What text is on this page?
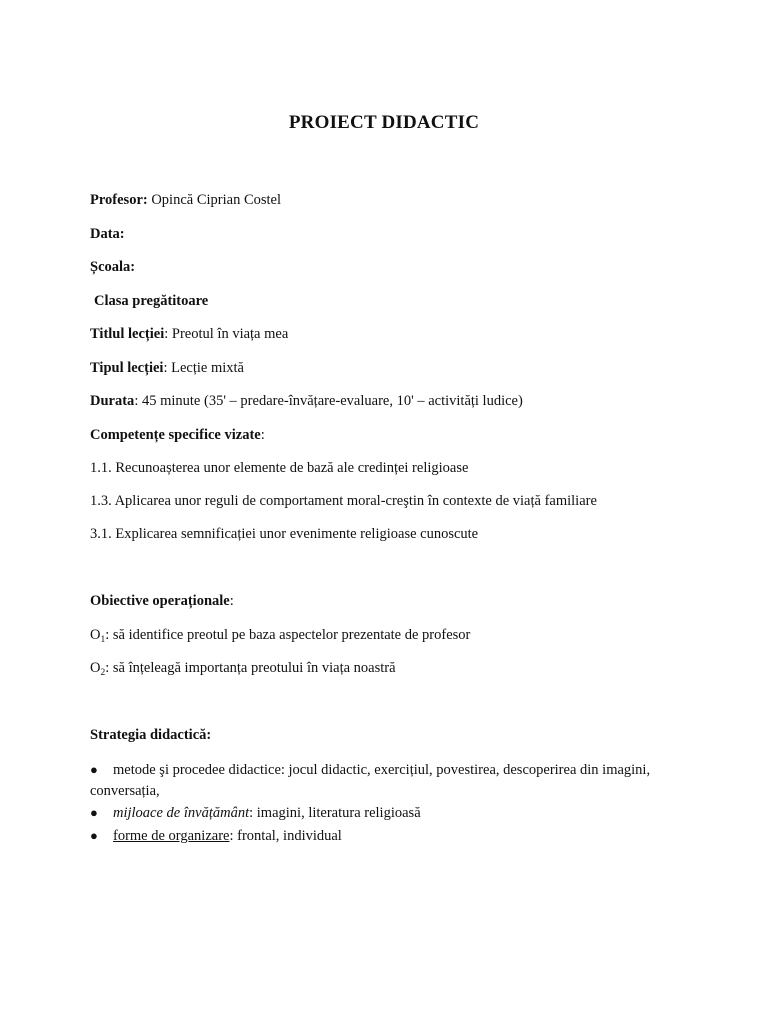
PROIECT DIDACTIC
Profesor: Opincă Ciprian Costel
Data:
Școala:
Clasa pregătitoare
Titlul lecției: Preotul în viața mea
Tipul lecției: Lecție mixtă
Durata: 45 minute (35' – predare-învățare-evaluare, 10' – activități ludice)
Competențe specifice vizate:
1.1. Recunoașterea unor elemente de bază ale credinței religioase
1.3. Aplicarea unor reguli de comportament moral-creştin în contexte de viață familiare
3.1. Explicarea semnificației unor evenimente religioase cunoscute
Obiective operaționale:
$O_1$: să identifice preotul pe baza aspectelor prezentate de profesor
$O_2$: să înțeleagă importanța preotului în viața noastră
Strategia didactică:
●	metode şi procedee didactice: jocul didactic, exercițiul, povestirea, descoperirea din imagini,
conversația,
●	mijloace de învățământ: imagini, literatura religioasă
●	forme de organizare: frontal, individual
